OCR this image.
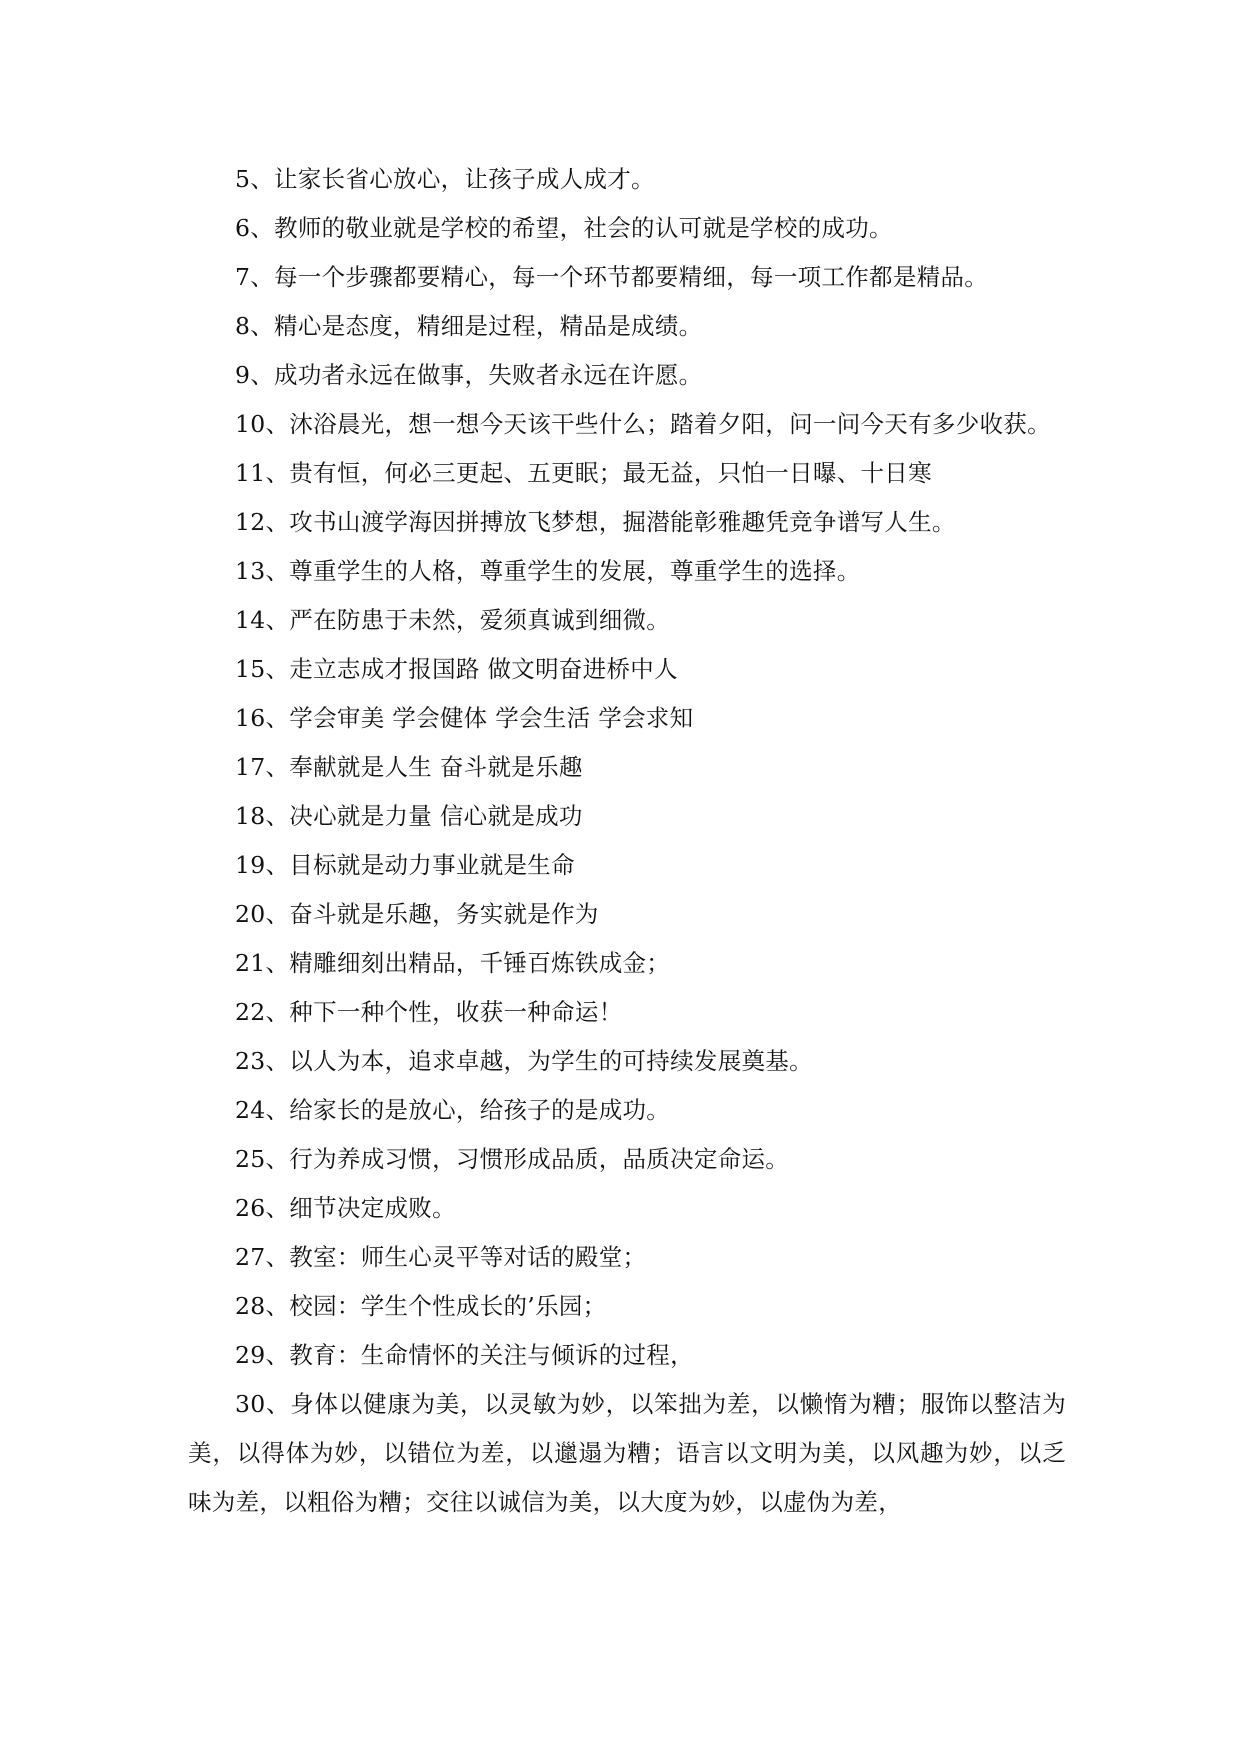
5、让家长省心放心，让孩子成人成才。

6、教师的敬业就是学校的希望，社会的认可就是学校的成功。

7、每一个步骤都要精心，每一个环节都要精细，每一项工作都是精品。

8、精心是态度，精细是过程，精品是成绩。

9、成功者永远在做事，失败者永远在许愿。

10、沐浴晨光，想一想今天该干些什么；踏着夕阳，问一问今天有多少收获。

11、贵有恒，何必三更起、五更眠；最无益，只怕一日曝、十日寒

12、攻书山渡学海因拼搏放飞梦想，掘潜能彰雅趣凭竞争谱写人生。

13、尊重学生的人格，尊重学生的发展，尊重学生的选择。

14、严在防患于未然，爱须真诚到细微。

15、走立志成才报国路 做文明奋进桥中人

16、学会审美 学会健体 学会生活 学会求知

17、奉献就是人生 奋斗就是乐趣

18、决心就是力量 信心就是成功

19、目标就是动力事业就是生命

20、奋斗就是乐趣，务实就是作为

21、精雕细刻出精品，千锤百炼铁成金；

22、种下一种个性，收获一种命运！

23、以人为本，追求卓越，为学生的可持续发展奠基。

24、给家长的是放心，给孩子的是成功。

25、行为养成习惯，习惯形成品质，品质决定命运。

26、细节决定成败。

27、教室：师生心灵平等对话的殿堂；

28、校园：学生个性成长的’乐园；

29、教育：生命情怀的关注与倾诉的过程，

30、身体以健康为美，以灵敏为妙，以笨拙为差，以懒惰为糟；服饰以整洁为美，以得体为妙，以错位为差，以邋遢为糟；语言以文明为美，以风趣为妙，以乏味为差，以粗俗为糟；交往以诚信为美，以大度为妙，以虚伪为差，
